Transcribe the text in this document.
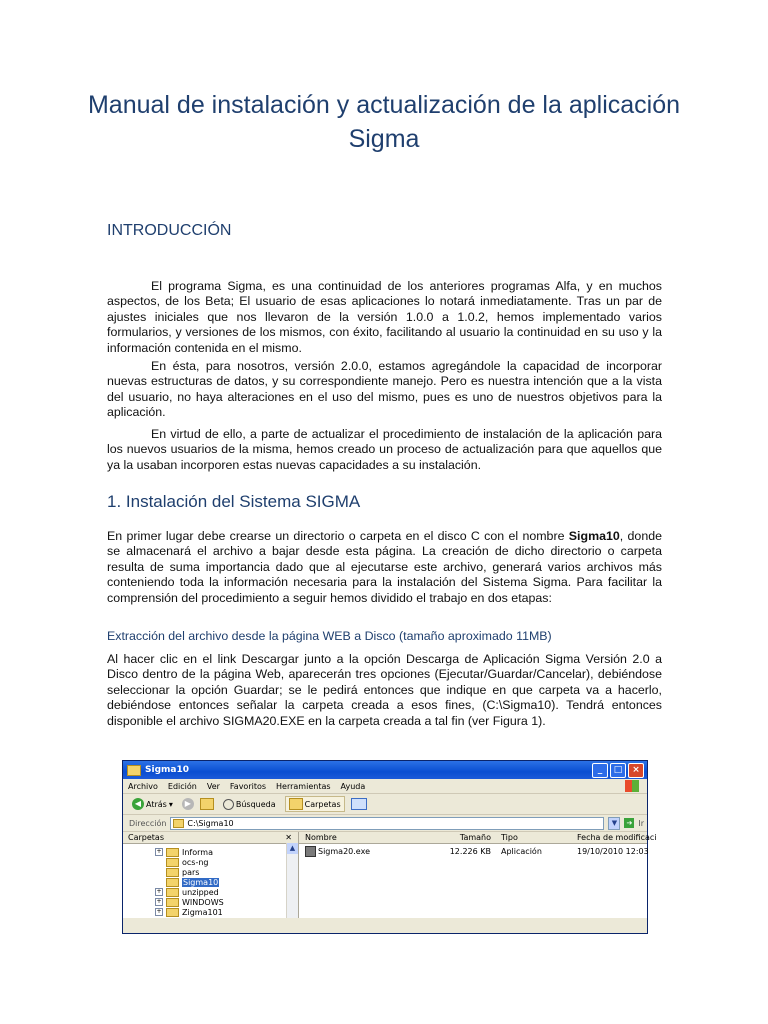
Manual de instalación y actualización de la aplicación Sigma
INTRODUCCIÓN

El programa Sigma, es una continuidad de los anteriores programas Alfa, y en muchos aspectos, de los Beta; El usuario de esas aplicaciones lo notará inmediatamente. Tras un par de ajustes iniciales que nos llevaron de la versión 1.0.0 a 1.0.2, hemos implementado varios formularios, y versiones de los mismos, con éxito, facilitando al usuario la continuidad en su uso y la información contenida en el mismo.

En ésta, para nosotros, versión 2.0.0, estamos agregándole la capacidad de incorporar nuevas estructuras de datos, y su correspondiente manejo. Pero es nuestra intención que a la vista del usuario, no haya alteraciones en el uso del mismo, pues es uno de nuestros objetivos para la aplicación.

En virtud de ello, a parte de actualizar el procedimiento de instalación de la aplicación para los nuevos usuarios de la misma, hemos creado un proceso de actualización para que aquellos que ya la usaban incorporen estas nuevas capacidades a su instalación.

1. Instalación del Sistema SIGMA

En primer lugar debe crearse un directorio o carpeta en el disco C con el nombre Sigma10, donde se almacenará el archivo a bajar desde esta página. La creación de dicho directorio o carpeta resulta de suma importancia dado que al ejecutarse este archivo, generará varios archivos más conteniendo toda la información necesaria para la instalación del Sistema Sigma. Para facilitar la comprensión del procedimiento a seguir hemos dividido el trabajo en dos etapas:

Extracción del archivo desde la página WEB a Disco (tamaño aproximado 11MB)

Al hacer clic en el link Descargar junto a la opción Descarga de Aplicación Sigma Versión 2.0 a Disco dentro de la página Web, aparecerán tres opciones (Ejecutar/Guardar/Cancelar), debiéndose seleccionar la opción Guardar; se le pedirá entonces que indique en que carpeta va a hacerlo, debiéndose entonces señalar la carpeta creada a esos fines, (C:\Sigma10). Tendrá entonces disponible el archivo SIGMA20.EXE en la carpeta creada a tal fin (ver Figura 1).

Sigma10	_	□	×
Archivo Edición Ver Favoritos Herramientas Ayuda
◀ Atrás ▾	▶	Búsqueda	Carpetas
Dirección	C:\Sigma10	▼	➔ Ir
Carpetas	✕
+	Informa
ocs-ng
pars
Sigma10
+	unzipped
+	WINDOWS
+	Zigma101
▲
Nombre	Tamaño	Tipo	Fecha de modificaci
Sigma20.exe	12.226 KB	Aplicación	19/10/2010 12:03
